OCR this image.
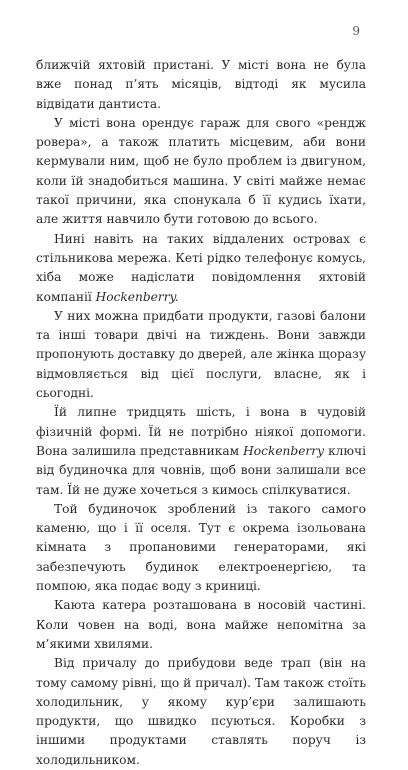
9

ближчій яхтовій пристані. У місті вона не була вже понад п’ять місяців, відтоді як мусила відвідати дантиста.

У місті вона орендує гараж для свого «рендж ровера», а також платить місцевим, аби вони кермували ним, щоб не було проблем із двигуном, коли їй знадобиться машина. У світі майже немає такої причини, яка спонукала б її кудись їхати, але життя навчило бути готовою до всього.

Нині навіть на таких віддалених островах є стільникова мережа. Кеті рідко телефонує комусь, хіба може надіслати повідомлення яхтовій компанії Hockenberry.

У них можна придбати продукти, газові балони та інші товари двічі на тиждень. Вони завжди пропонують доставку до дверей, але жінка щоразу відмовляється від цієї послуги, власне, як і сьогодні.

Їй липне тридцять шість, і вона в чудовій фізичній формі. Їй не потрібно ніякої допомоги. Вона залишила представникам Hockenberry ключі від будиночка для човнів, щоб вони залишали все там. Їй не дуже хочеться з кимось спілкуватися.

Той будиночок зроблений із такого самого каменю, що і її оселя. Тут є окрема ізольована кімната з пропановими генераторами, які забезпечують будинок електроенергією, та помпою, яка подає воду з криниці.

Каюта катера розташована в носовій частині. Коли човен на воді, вона майже непомітна за м’якими хвилями.

Від причалу до прибудови веде трап (він на тому самому рівні, що й причал). Там також стоїть холодильник, у якому кур’єри залишають продукти, що швидко псуються. Коробки з іншими продуктами ставлять поруч із холодильником.
